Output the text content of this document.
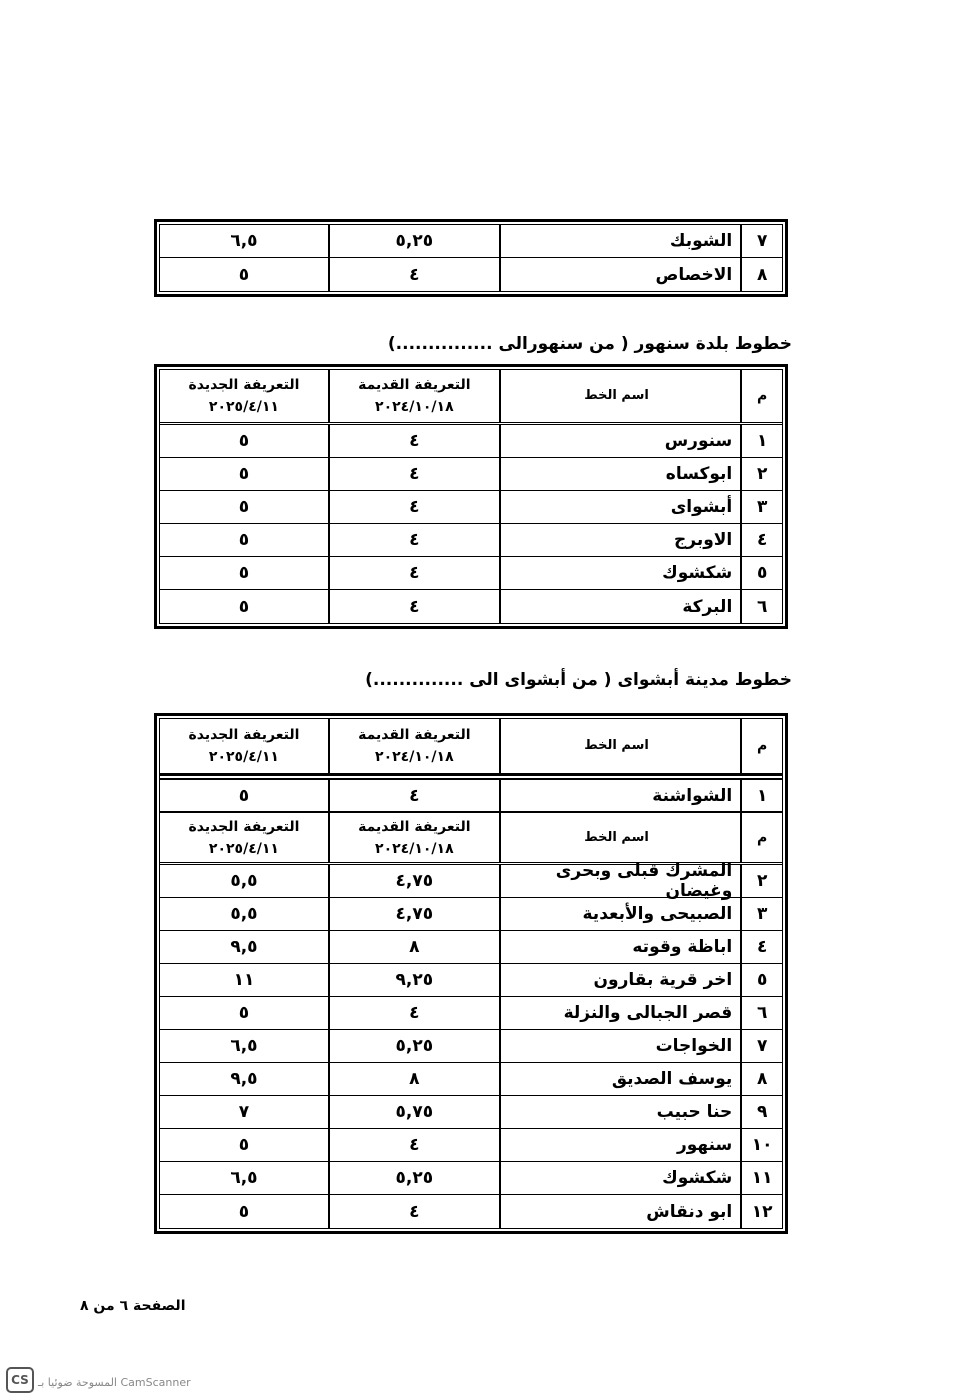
٧
الشوبك
٥,٢٥
٦,٥
٨
الاخصاص
٤
٥
خطوط بلدة سنهور ( من سنهورالى ...............)
م
اسم الخط
التعريفة القديمة
٢٠٢٤/١٠/١٨
التعريفة الجديدة
٢٠٢٥/٤/١١
١
سنورس
٤
٥
٢
ابوكساه
٤
٥
٣
أبشواى
٤
٥
٤
الاوبرج
٤
٥
٥
شكشوك
٤
٥
٦
البركة
٤
٥
خطوط مدينة أبشواى ( من أبشواى الى ..............)
م
اسم الخط
التعريفة القديمة
٢٠٢٤/١٠/١٨
التعريفة الجديدة
٢٠٢٥/٤/١١
١
الشواشنة
٤
٥
م
اسم الخط
التعريفة القديمة
٢٠٢٤/١٠/١٨
التعريفة الجديدة
٢٠٢٥/٤/١١
٢
المشرك قبلى وبحرى وغيضان
٤,٧٥
٥,٥
٣
الصبيحى والأبعدية
٤,٧٥
٥,٥
٤
اباظة وقوته
٨
٩,٥
٥
اخر قرية بقارون
٩,٢٥
١١
٦
قصر الجبالى والنزلة
٤
٥
٧
الخواجات
٥,٢٥
٦,٥
٨
يوسف الصديق
٨
٩,٥
٩
حنا حبيب
٥,٧٥
٧
١٠
سنهور
٤
٥
١١
شكشوك
٥,٢٥
٦,٥
١٢
ابو دنقاش
٤
٥
الصفحة ٦ من ٨
CS المسوحة ضوئيا بـ CamScanner
